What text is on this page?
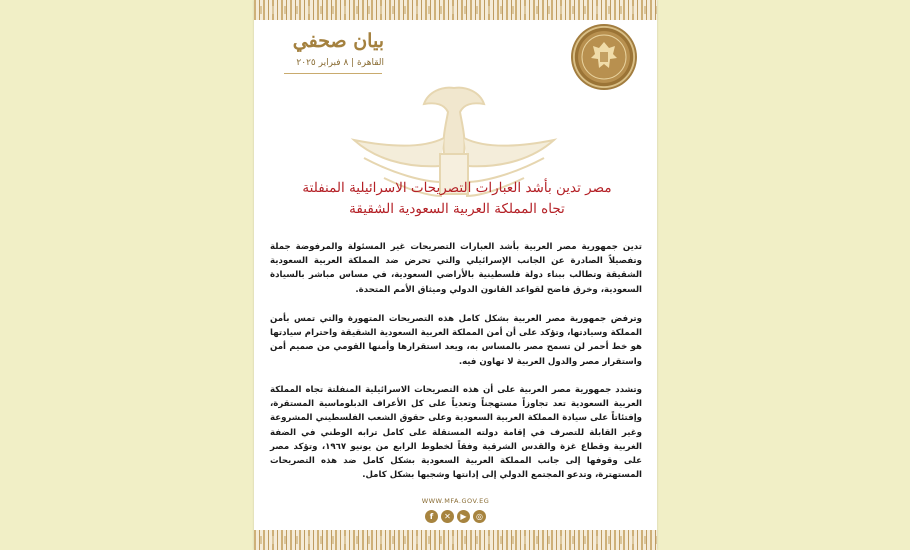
بيان صحفي
القاهرة | ٨ فبراير ٢٠٢٥
مصر تدين بأشد العبارات التصريحات الاسرائيلية المنفلتة
تجاه المملكة العربية السعودية الشقيقة
تدين جمهورية مصر العربية بأشد العبارات التصريحات غير المسئولة والمرفوضة جملة وتفصيلاً الصادرة عن الجانب الإسرائيلي والتي تحرض ضد المملكة العربية السعودية الشقيقة وتطالب ببناء دولة فلسطينية بالأراضي السعودية، في مساس مباشر بالسيادة السعودية، وخرق فاضح لقواعد القانون الدولي وميثاق الأمم المتحدة.
وترفض جمهورية مصر العربية بشكل كامل هذه التصريحات المتهورة والتي تمس بأمن المملكة وسيادتها، وتؤكد على أن أمن المملكة العربية السعودية الشقيقة واحترام سيادتها هو خط أحمر لن تسمح مصر بالمساس به، ويعد استقرارها وأمنها القومي من صميم أمن واستقرار مصر والدول العربية لا تهاون فيه.
وتشدد جمهورية مصر العربية على أن هذه التصريحات الاسرائيلية المنفلتة تجاه المملكة العربية السعودية تعد تجاوزاً مستهجناً وتعدياً على كل الأعراف الدبلوماسية المستقرة، وإفتئاتاً على سيادة المملكة العربية السعودية وعلى حقوق الشعب الفلسطيني المشروعة وغير القابلة للتصرف في إقامة دولته المستقلة على كامل ترابه الوطني في الضفة الغربية وقطاع غزة والقدس الشرقية وفقاً لخطوط الرابع من يونيو ١٩٦٧، وتؤكد مصر على وقوفها إلى جانب المملكة العربية السعودية بشكل كامل ضد هذه التصريحات المستهترة، وتدعو المجتمع الدولي إلى إدانتها وشجبها بشكل كامل.
WWW.MFA.GOV.EG
f ✕ ▶ ◎
